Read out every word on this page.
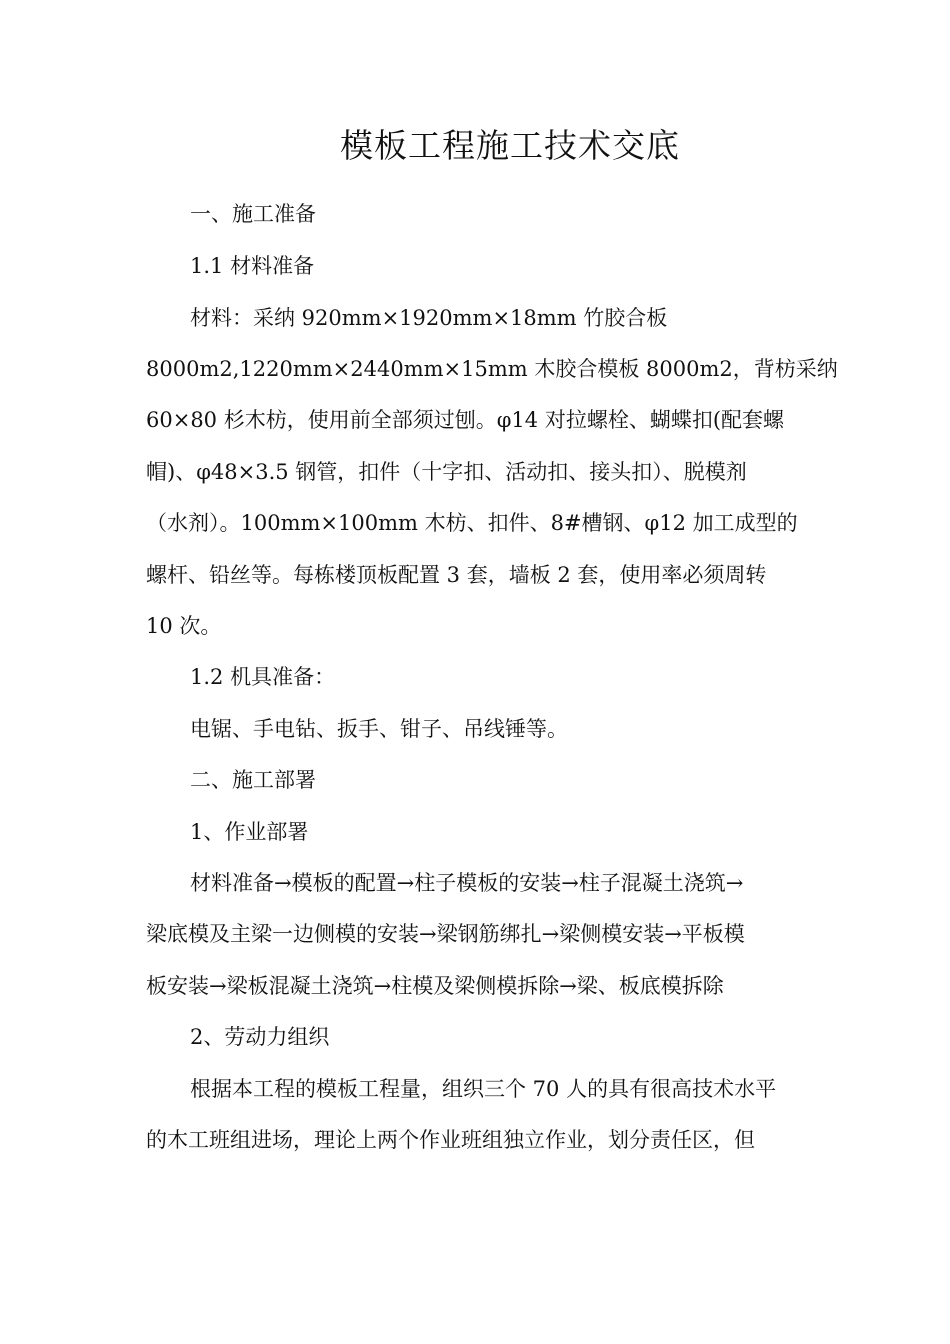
模板工程施工技术交底
一、施工准备
1.1 材料准备
材料：采纳 920mm×1920mm×18mm 竹胶合板
8000m2,1220mm×2440mm×15mm 木胶合模板 8000m2，背枋采纳
60×80 杉木枋，使用前全部须过刨。φ14 对拉螺栓、蝴蝶扣(配套螺
帽)、φ48×3.5 钢管，扣件（十字扣、活动扣、接头扣）、脱模剂
（水剂）。100mm×100mm 木枋、扣件、8#槽钢、φ12 加工成型的
螺杆、铅丝等。每栋楼顶板配置 3 套，墙板 2 套，使用率必须周转
10 次。
1.2 机具准备：
电锯、手电钻、扳手、钳子、吊线锤等。
二、施工部署
1、作业部署
材料准备→模板的配置→柱子模板的安装→柱子混凝土浇筑→
梁底模及主梁一边侧模的安装→梁钢筋绑扎→梁侧模安装→平板模
板安装→梁板混凝土浇筑→柱模及梁侧模拆除→梁、板底模拆除
2、劳动力组织
根据本工程的模板工程量，组织三个 70 人的具有很高技术水平
的木工班组进场，理论上两个作业班组独立作业，划分责任区，但
